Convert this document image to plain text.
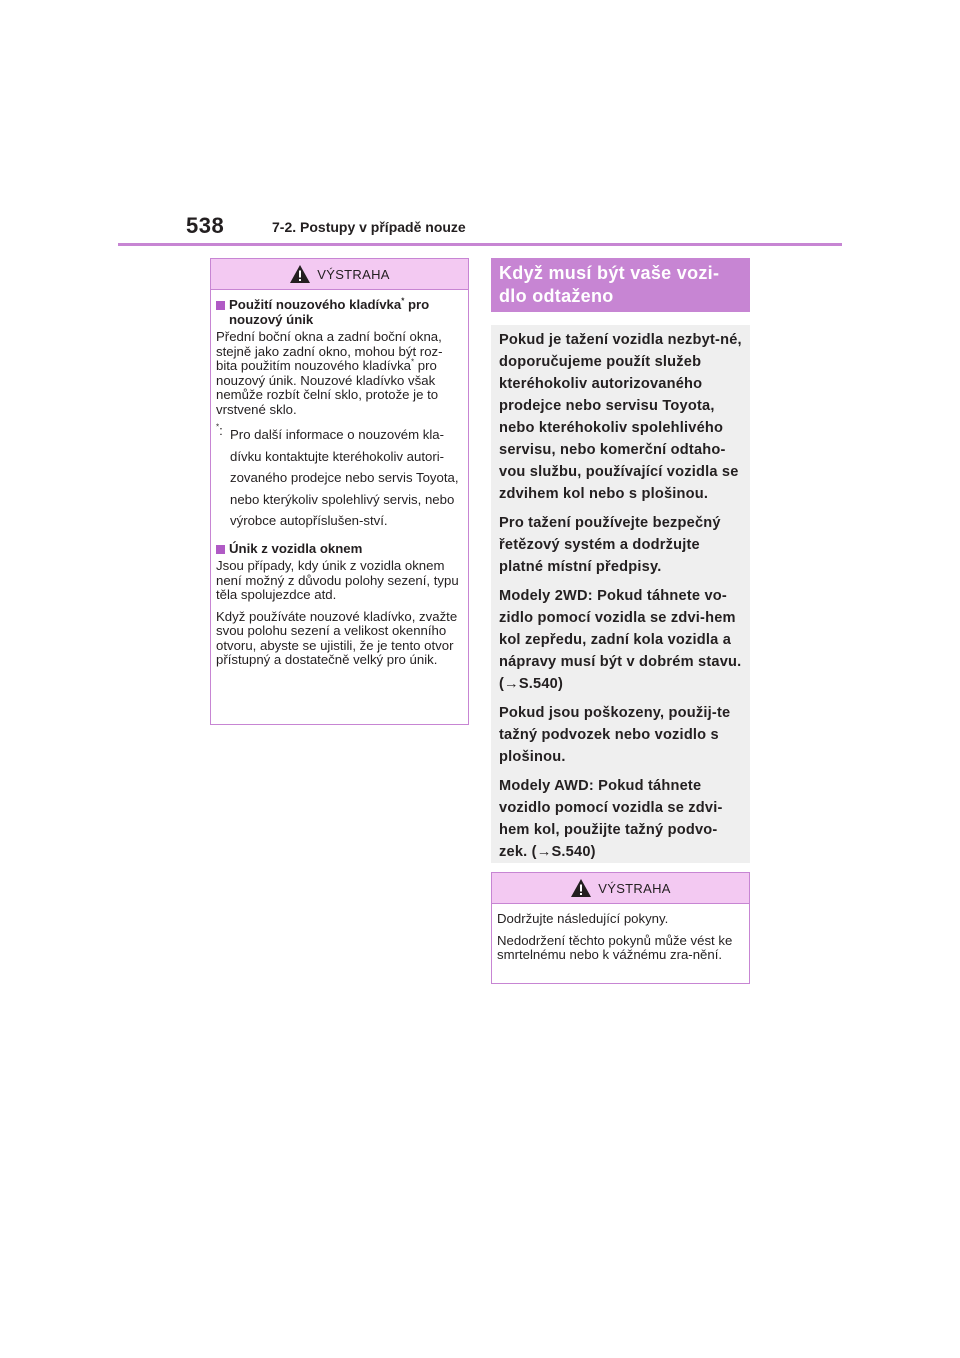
538	7-2. Postupy v případě nouze
VÝSTRAHA
Použití nouzového kladívka* pro nouzový únik

Přední boční okna a zadní boční okna, stejně jako zadní okno, mohou být roz-bita použitím nouzového kladívka* pro nouzový únik. Nouzové kladívko však nemůže rozbít čelní sklo, protože je to vrstvené sklo.

*: Pro další informace o nouzovém kla-dívku kontaktujte kteréhokoliv autori-zovaného prodejce nebo servis Toyota, nebo kterýkoliv spolehlivý servis, nebo výrobce autopříslušen-ství.
Únik z vozidla oknem

Jsou případy, kdy únik z vozidla oknem není možný z důvodu polohy sezení, typu těla spolujezdce atd.

Když používáte nouzové kladívko, zvažte svou polohu sezení a velikost okenního otvoru, abyste se ujistili, že je tento otvor přístupný a dostatečně velký pro únik.

Když musí být vaše vozi-dlo odtaženo

Pokud je tažení vozidla nezbyt-né, doporučujeme použít služeb kteréhokoliv autorizovaného prodejce nebo servisu Toyota, nebo kteréhokoliv spolehlivého servisu, nebo komerční odtaho-vou službu, používající vozidla se zdvihem kol nebo s plošinou.

Pro tažení používejte bezpečný řetězový systém a dodržujte platné místní předpisy.

Modely 2WD: Pokud táhnete vo-zidlo pomocí vozidla se zdvi-hem kol zepředu, zadní kola vozidla a nápravy musí být v dobrém stavu. (→S.540)

Pokud jsou poškozeny, použij-te tažný podvozek nebo vozidlo s plošinou.

Modely AWD: Pokud táhnete vozidlo pomocí vozidla se zdvi-hem kol, použijte tažný podvo-zek. (→S.540)

VÝSTRAHA

Dodržujte následující pokyny.

Nedodržení těchto pokynů může vést ke smrtelnému nebo k vážnému zra-nění.
